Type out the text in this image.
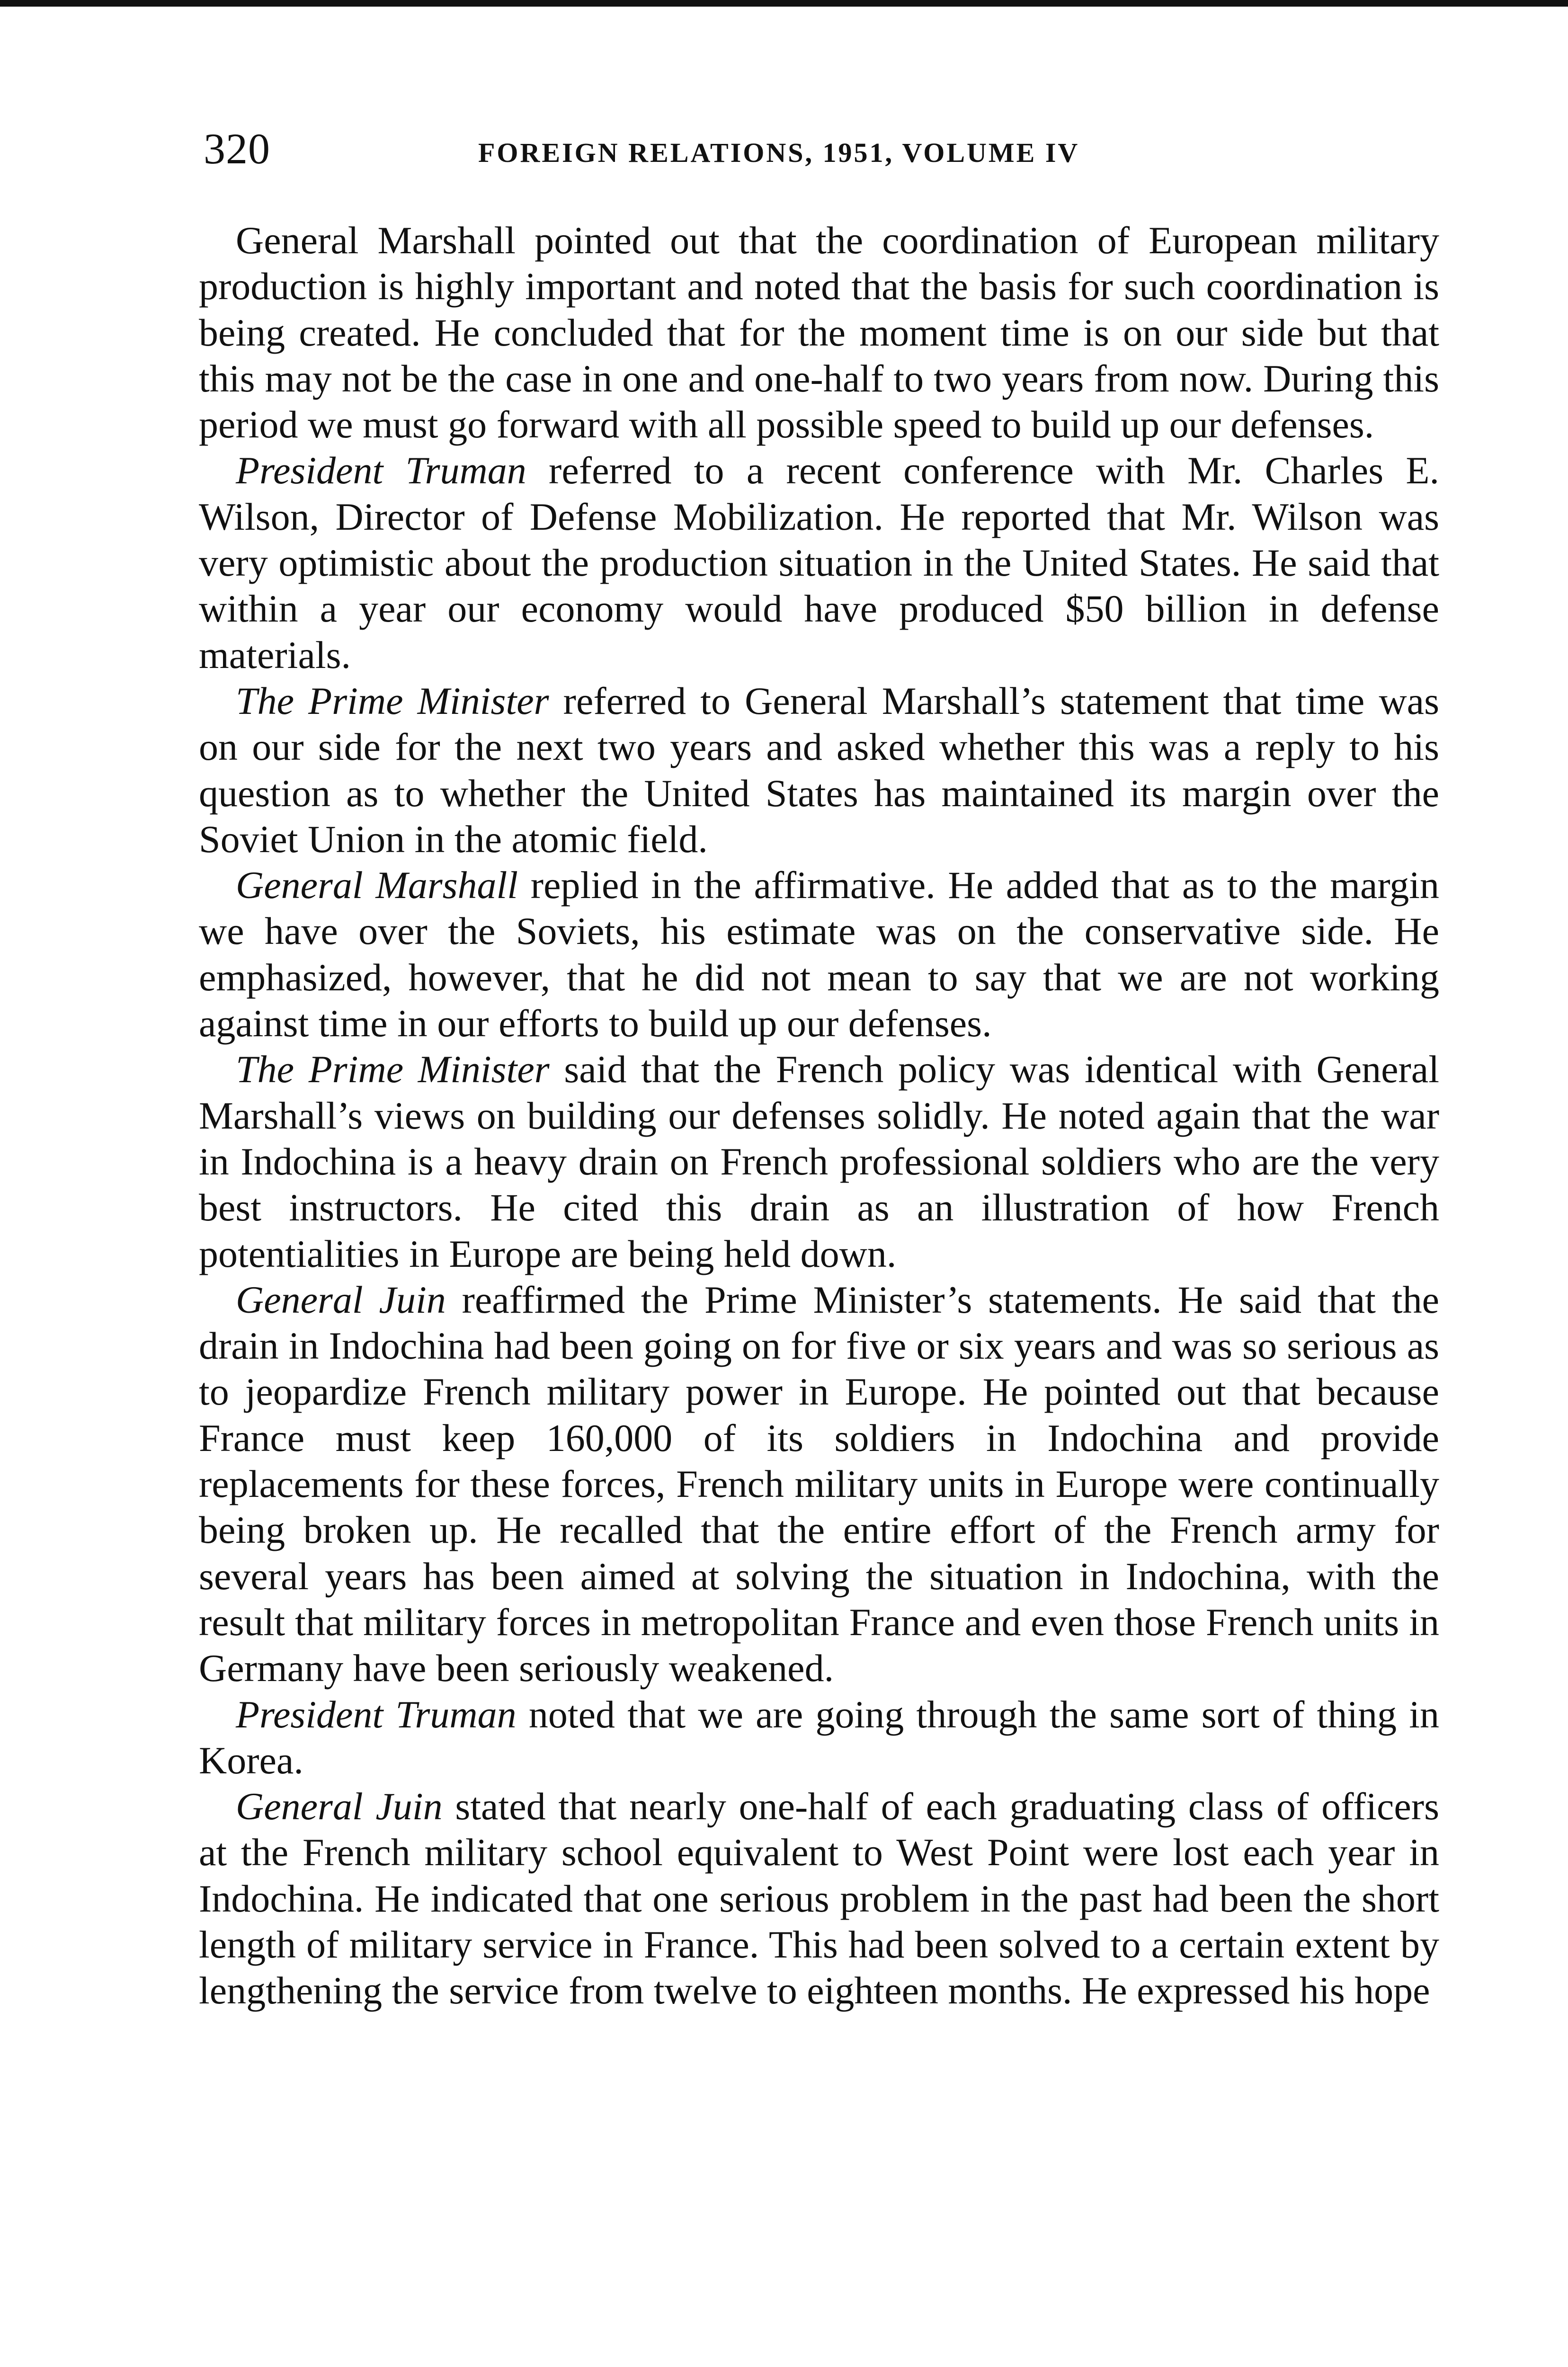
320	FOREIGN RELATIONS, 1951, VOLUME IV

General Marshall pointed out that the coordination of European military production is highly important and noted that the basis for such coordination is being created. He concluded that for the moment time is on our side but that this may not be the case in one and one-half to two years from now. During this period we must go forward with all possible speed to build up our defenses.

President Truman referred to a recent conference with Mr. Charles E. Wilson, Director of Defense Mobilization. He reported that Mr. Wilson was very optimistic about the production situation in the United States. He said that within a year our economy would have produced $50 billion in defense materials.

The Prime Minister referred to General Marshall’s statement that time was on our side for the next two years and asked whether this was a reply to his question as to whether the United States has maintained its margin over the Soviet Union in the atomic field.

General Marshall replied in the affirmative. He added that as to the margin we have over the Soviets, his estimate was on the conservative side. He emphasized, however, that he did not mean to say that we are not working against time in our efforts to build up our defenses.

The Prime Minister said that the French policy was identical with General Marshall’s views on building our defenses solidly. He noted again that the war in Indochina is a heavy drain on French professional soldiers who are the very best instructors. He cited this drain as an illustration of how French potentialities in Europe are being held down.

General Juin reaffirmed the Prime Minister’s statements. He said that the drain in Indochina had been going on for five or six years and was so serious as to jeopardize French military power in Europe. He pointed out that because France must keep 160,000 of its soldiers in Indochina and provide replacements for these forces, French military units in Europe were continually being broken up. He recalled that the entire effort of the French army for several years has been aimed at solving the situation in Indochina, with the result that military forces in metropolitan France and even those French units in Germany have been seriously weakened.

President Truman noted that we are going through the same sort of thing in Korea.

General Juin stated that nearly one-half of each graduating class of officers at the French military school equivalent to West Point were lost each year in Indochina. He indicated that one serious problem in the past had been the short length of military service in France. This had been solved to a certain extent by lengthening the service from twelve to eighteen months. He expressed his hope
